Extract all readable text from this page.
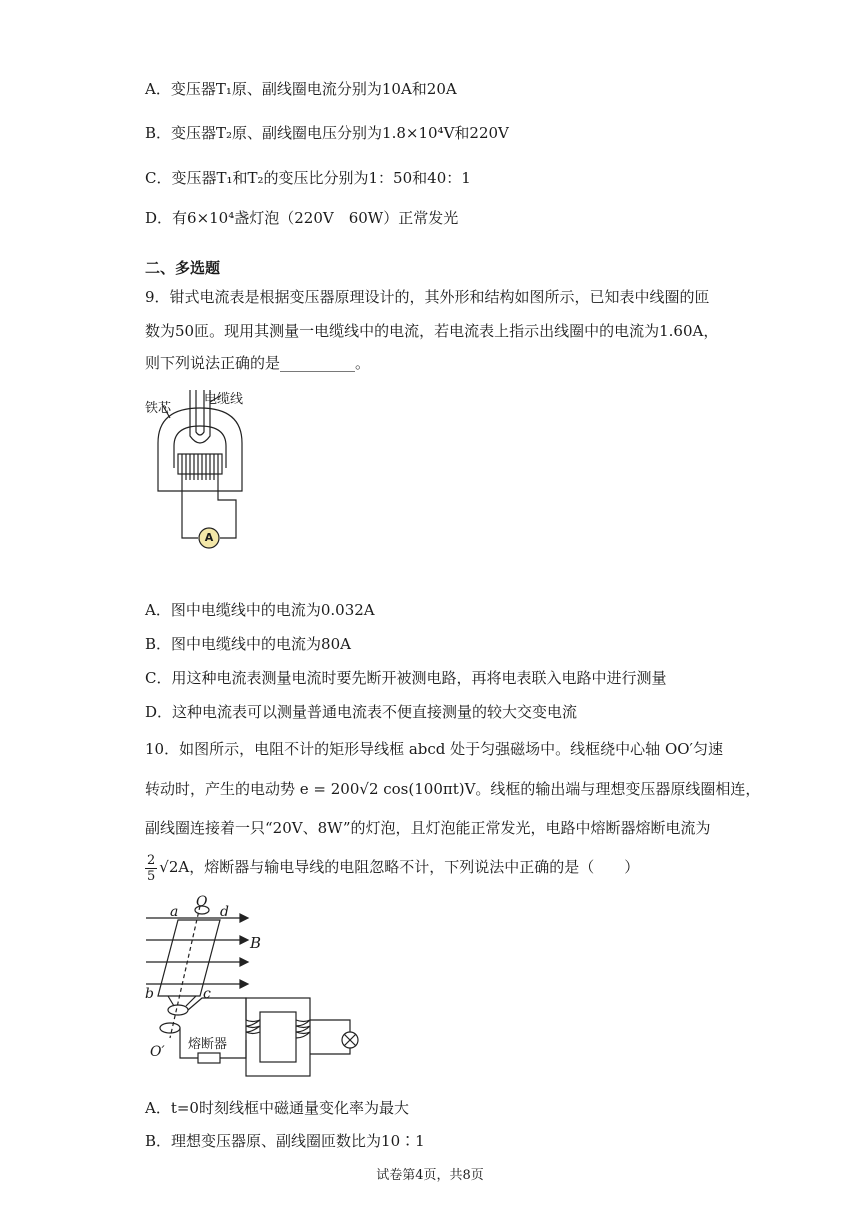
A．变压器T₁原、副线圈电流分别为10A和20A
B．变压器T₂原、副线圈电压分别为1.8×10⁴V和220V
C．变压器T₁和T₂的变压比分别为1：50和40：1
D．有6×10⁴盏灯泡（220V　60W）正常发光
二、多选题
9．钳式电流表是根据变压器原理设计的，其外形和结构如图所示，已知表中线圈的匝
数为50匝。现用其测量一电缆线中的电流，若电流表上指示出线圈中的电流为1.60A，
则下列说法正确的是__________。
铁芯
电缆线
A
A．图中电缆线中的电流为0.032A
B．图中电缆线中的电流为80A
C．用这种电流表测量电流时要先断开被测电路，再将电表联入电路中进行测量
D．这种电流表可以测量普通电流表不便直接测量的较大交变电流
10．如图所示，电阻不计的矩形导线框 abcd 处于匀强磁场中。线框绕中心轴 OO′匀速
转动时，产生的电动势 e = 200√2 cos(100πt)V。线框的输出端与理想变压器原线圈相连，
副线圈连接着一只“20V、8W”的灯泡，且灯泡能正常发光，电路中熔断器熔断电流为
$\frac{2}{5} √2A$，熔断器与输电导线的电阻忽略不计，下列说法中正确的是（　　）
a
O
d
B
b	c
O′ 熔断器
A．t=0时刻线框中磁通量变化率为最大
B．理想变压器原、副线圈匝数比为10∶1
试卷第4页，共8页
